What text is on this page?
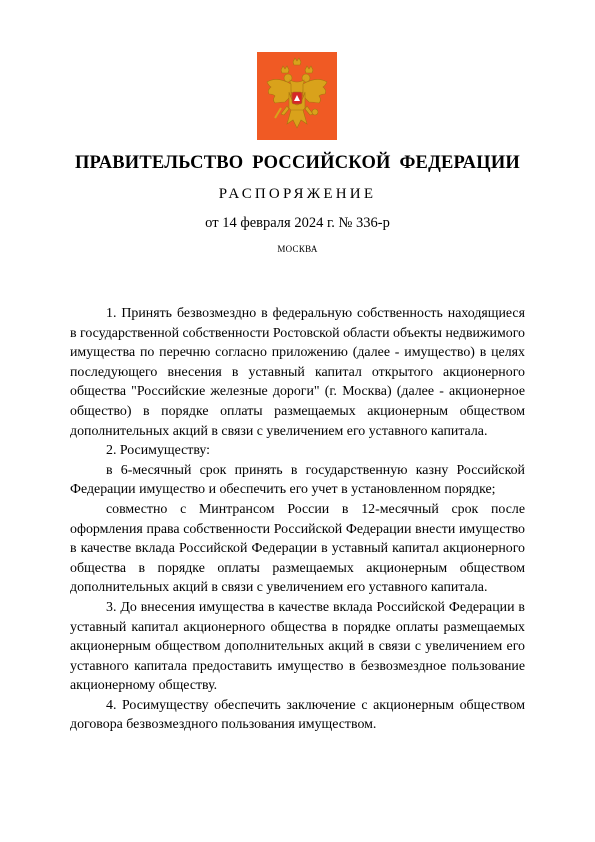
ПРАВИТЕЛЬСТВО РОССИЙСКОЙ ФЕДЕРАЦИИ
РАСПОРЯЖЕНИЕ
от 14 февраля 2024 г. № 336-р
МОСКВА

1. Принять безвозмездно в федеральную собственность находящиеся в государственной собственности Ростовской области объекты недвижимого имущества по перечню согласно приложению (далее - имущество) в целях последующего внесения в уставный капитал открытого акционерного общества "Российские железные дороги" (г. Москва) (далее - акционерное общество) в порядке оплаты размещаемых акционерным обществом дополнительных акций в связи с увеличением его уставного капитала.

2. Росимуществу:

в 6-месячный срок принять в государственную казну Российской Федерации имущество и обеспечить его учет в установленном порядке;

совместно с Минтрансом России в 12-месячный срок после оформления права собственности Российской Федерации внести имущество в качестве вклада Российской Федерации в уставный капитал акционерного общества в порядке оплаты размещаемых акционерным обществом дополнительных акций в связи с увеличением его уставного капитала.

3. До внесения имущества в качестве вклада Российской Федерации в уставный капитал акционерного общества в порядке оплаты размещаемых акционерным обществом дополнительных акций в связи с увеличением его уставного капитала предоставить имущество в безвозмездное пользование акционерному обществу.

4. Росимуществу обеспечить заключение с акционерным обществом договора безвозмездного пользования имуществом.
